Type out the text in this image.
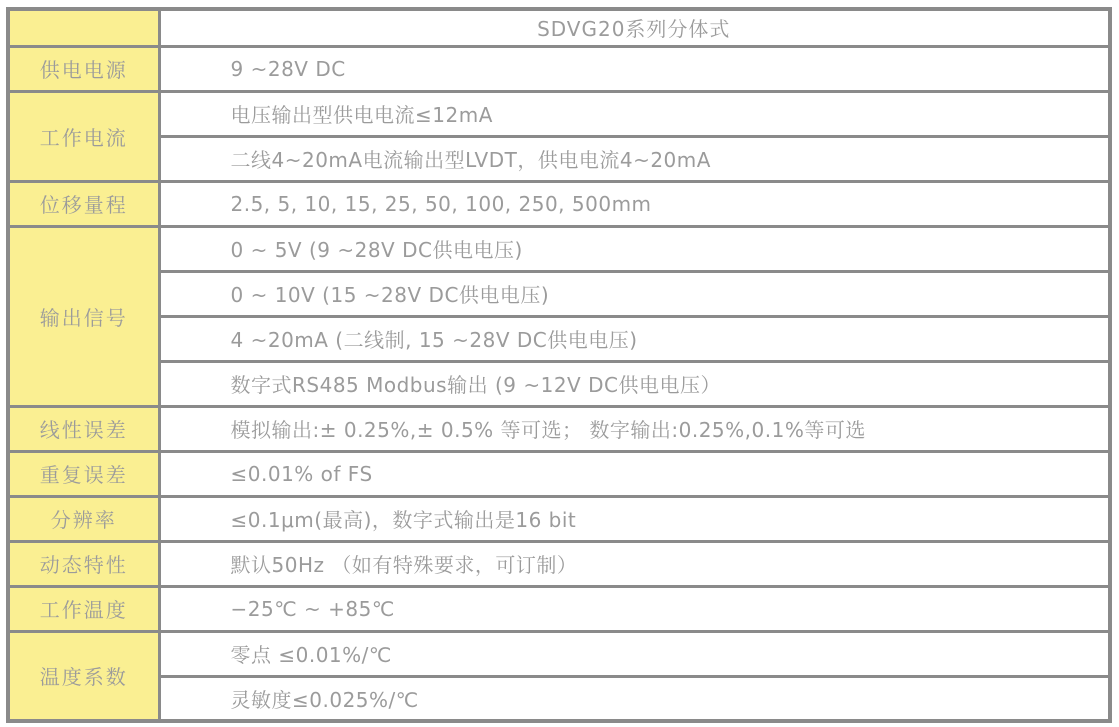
	SDVG20系列分体式
供电电源	9 ~28V DC
工作电流	电压输出型供电电流≤12mA
	二线4~20mA电流输出型LVDT，供电电流4~20mA
位移量程	2.5, 5, 10, 15, 25, 50, 100, 250, 500mm
输出信号	0 ~ 5V (9 ~28V DC供电电压)
	0 ~ 10V (15 ~28V DC供电电压)
	4 ~20mA (二线制, 15 ~28V DC供电电压)
	数字式RS485 Modbus输出 (9 ~12V DC供电电压）
线性误差	模拟输出:± 0.25%,± 0.5% 等可选； 数字输出:0.25%,0.1%等可选
重复误差	≤0.01% of FS
分辨率	≤0.1μm(最高)，数字式输出是16 bit
动态特性	默认50Hz （如有特殊要求，可订制）
工作温度	−25℃ ~ +85℃
温度系数	零点 ≤0.01%/℃
	灵敏度≤0.025%/℃
